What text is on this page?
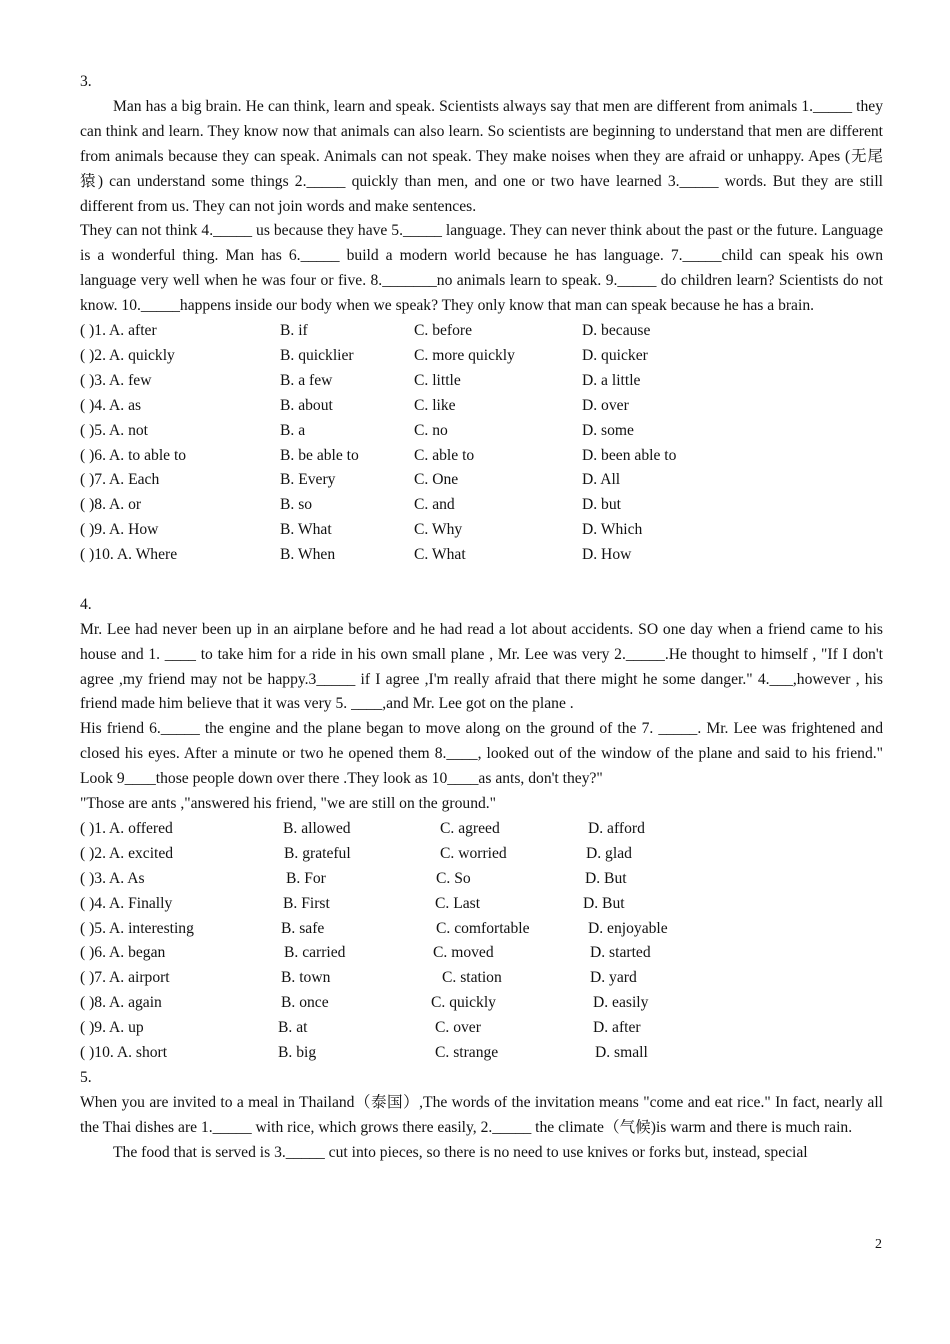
3.

Man has a big brain. He can think, learn and speak. Scientists always say that men are different from animals 1._____ they can think and learn. They know now that animals can also learn. So scientists are beginning to understand that men are different from animals because they can speak. Animals can not speak. They make noises when they are afraid or unhappy. Apes (无尾猿) can understand some things 2._____ quickly than men, and one or two have learned 3._____ words. But they are still different from us. They can not join words and make sentences.

They can not think 4._____ us because they have 5._____ language. They can never think about the past or the future. Language is a wonderful thing. Man has 6._____ build a modern world because he has language. 7._____child can speak his own language very well when he was four or five. 8._______no animals learn to speak. 9._____ do children learn? Scientists do not know. 10._____happens inside our body when we speak? They only know that man can speak because he has a brain.

( )1. A. after	B. if	C. before	D. because
( )2. A. quickly	B. quicklier	C. more quickly	D. quicker
( )3. A. few	B. a few	C. little	D. a little
( )4. A. as	B. about	C. like	D. over
( )5. A. not	B. a	C. no	D. some
( )6. A. to able to	B. be able to	C. able to	D. been able to
( )7. A. Each	B. Every	C. One	D. All
( )8. A. or	B. so	C. and	D. but
( )9. A. How	B. What	C. Why	D. Which
( )10. A. Where	B. When	C. What	D. How
4.

Mr. Lee had never been up in an airplane before and he had read a lot about accidents. SO one day when a friend came to his house and 1. ____ to take him for a ride in his own small plane , Mr. Lee was very 2._____.He thought to himself , "If I don't agree ,my friend may not be happy.3_____ if I agree ,I'm really afraid that there might he some danger." 4.___,however , his friend made him believe that it was very 5. ____,and Mr. Lee got on the plane .

His friend 6._____ the engine and the plane began to move along on the ground of the 7. _____. Mr. Lee was frightened and closed his eyes. After a minute or two he opened them 8.____, looked out of the window of the plane and said to his friend." Look 9____those people down over there .They look as 10____as ants, don't they?"

"Those are ants ,"answered his friend, "we are still on the ground."

( )1. A. offered	B. allowed	C. agreed	D. afford
( )2. A. excited	B. grateful	C. worried	D. glad
( )3. A. As	B. For	C. So	D. But
( )4. A. Finally	B. First	C. Last	D. But
( )5. A. interesting	B. safe	C. comfortable	D. enjoyable
( )6. A. began	B. carried	C. moved	D. started
( )7. A. airport	B. town	C. station	D. yard
( )8. A. again	B. once	C. quickly	D. easily
( )9. A. up	B. at	C. over	D. after
( )10. A. short	B. big	C. strange	D. small
5.

When you are invited to a meal in Thailand（泰国）,The words of the invitation means "come and eat rice." In fact, nearly all the Thai dishes are 1._____ with rice, which grows there easily, 2._____ the climate（气候)is warm and there is much rain.

The food that is served is 3._____ cut into pieces, so there is no need to use knives or forks but, instead, special

2
